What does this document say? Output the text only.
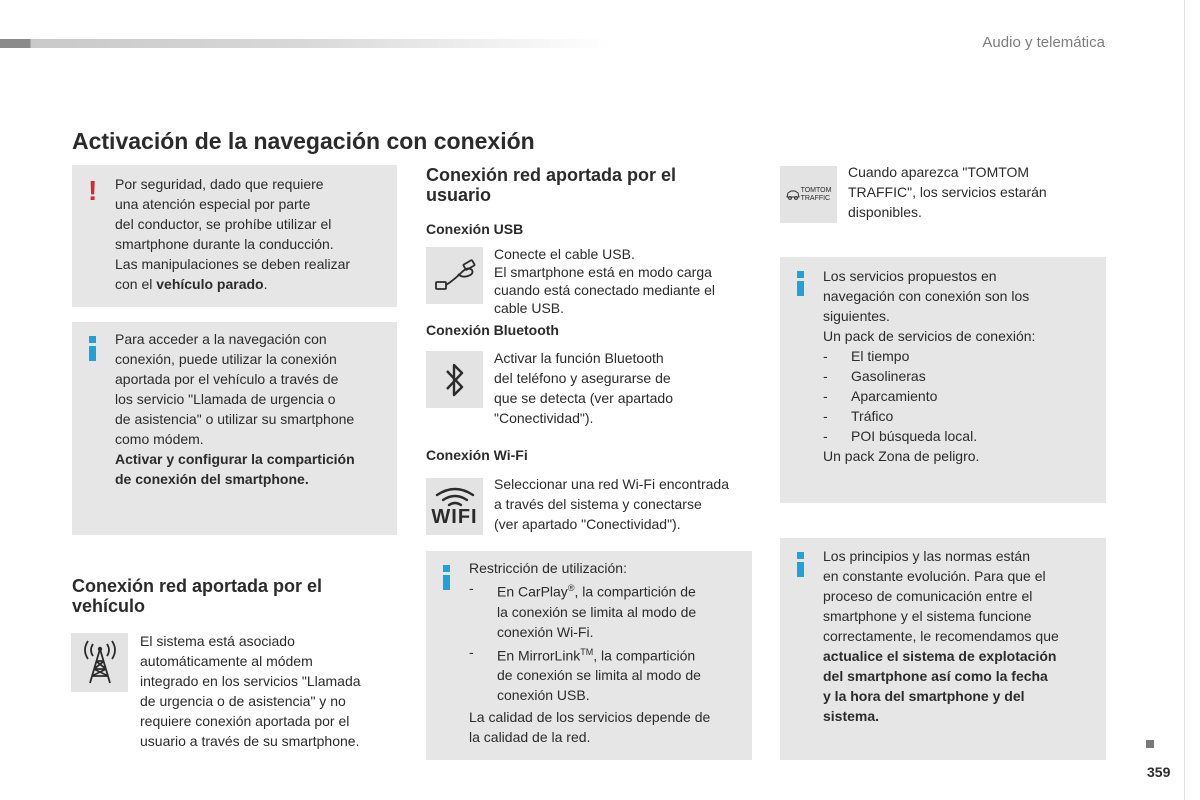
Audio y telemática
Activación de la navegación con conexión
! Por seguridad, dado que requiere
una atención especial por parte
del conductor, se prohíbe utilizar el
smartphone durante la conducción.
Las manipulaciones se deben realizar
con el vehículo parado.
Para acceder a la navegación con
conexión, puede utilizar la conexión
aportada por el vehículo a través de
los servicio "Llamada de urgencia o
de asistencia" o utilizar su smartphone
como módem.
Activar y configurar la compartición
de conexión del smartphone.
Conexión red aportada por el vehículo
El sistema está asociado
automáticamente al módem
integrado en los servicios "Llamada
de urgencia o de asistencia" y no
requiere conexión aportada por el
usuario a través de su smartphone.
Conexión red aportada por el usuario
Conexión USB
Conecte el cable USB.
El smartphone está en modo carga
cuando está conectado mediante el
cable USB.
Conexión Bluetooth
Activar la función Bluetooth
del teléfono y asegurarse de
que se detecta (ver apartado
"Conectividad").
Conexión Wi-Fi
WIFI
Seleccionar una red Wi-Fi encontrada
a través del sistema y conectarse
(ver apartado "Conectividad").
Restricción de utilización:
-	En CarPlay®, la compartición de
la conexión se limita al modo de
conexión Wi-Fi.
-	En MirrorLink™, la compartición
de conexión se limita al modo de
conexión USB.
La calidad de los servicios depende de
la calidad de la red.
TOMTOM
TRAFFIC
Cuando aparezca "TOMTOM
TRAFFIC", los servicios estarán
disponibles.
Los servicios propuestos en
navegación con conexión son los
siguientes.
Un pack de servicios de conexión:
-	El tiempo
-	Gasolineras
-	Aparcamiento
-	Tráfico
-	POI búsqueda local.
Un pack Zona de peligro.
Los principios y las normas están
en constante evolución. Para que el
proceso de comunicación entre el
smartphone y el sistema funcione
correctamente, le recomendamos que
actualice el sistema de explotación
del smartphone así como la fecha
y la hora del smartphone y del
sistema.
359
